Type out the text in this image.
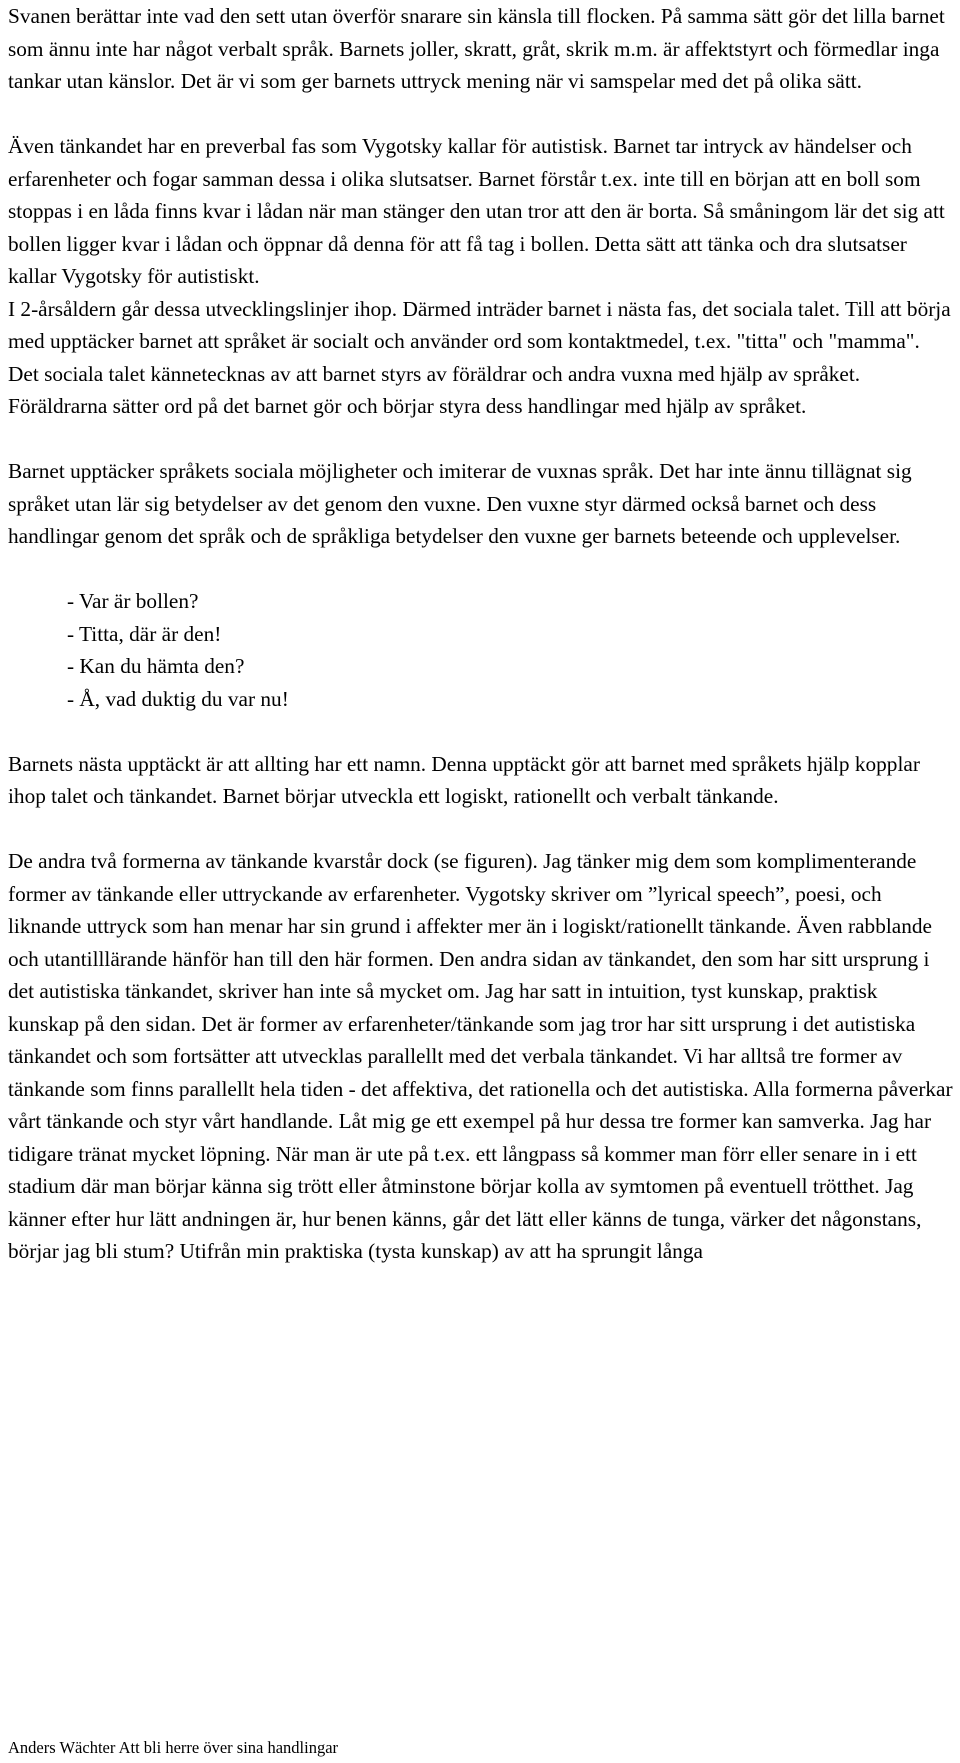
Svanen berättar inte vad den sett utan överför snarare sin känsla till flocken. På samma sätt gör det lilla barnet som ännu inte har något verbalt språk. Barnets joller, skratt, gråt, skrik m.m. är affektstyrt och förmedlar inga tankar utan känslor. Det är vi som ger barnets uttryck mening när vi samspelar med det på olika sätt.

Även tänkandet har en preverbal fas som Vygotsky kallar för autistisk. Barnet tar intryck av händelser och erfarenheter och fogar samman dessa i olika slutsatser. Barnet förstår t.ex. inte till en början att en boll som stoppas i en låda finns kvar i lådan när man stänger den utan tror att den är borta. Så småningom lär det sig att bollen ligger kvar i lådan och öppnar då denna för att få tag i bollen. Detta sätt att tänka och dra slutsatser kallar Vygotsky för autistiskt.

I 2-årsåldern går dessa utvecklingslinjer ihop. Därmed inträder barnet i nästa fas, det sociala talet. Till att börja med upptäcker barnet att språket är socialt och använder ord som kontaktmedel, t.ex. "titta" och "mamma". Det sociala talet kännetecknas av att barnet styrs av föräldrar och andra vuxna med hjälp av språket. Föräldrarna sätter ord på det barnet gör och börjar styra dess handlingar med hjälp av språket.

Barnet upptäcker språkets sociala möjligheter och imiterar de vuxnas språk. Det har inte ännu tillägnat sig språket utan lär sig betydelser av det genom den vuxne. Den vuxne styr därmed också barnet och dess handlingar genom det språk och de språkliga betydelser den vuxne ger barnets beteende och upplevelser.

- Var är bollen?
- Titta, där är den!
- Kan du hämta den?
- Å, vad duktig du var nu!

Barnets nästa upptäckt är att allting har ett namn. Denna upptäckt gör att barnet med språkets hjälp kopplar ihop talet och tänkandet. Barnet börjar utveckla ett logiskt, rationellt och verbalt tänkande.

De andra två formerna av tänkande kvarstår dock (se figuren). Jag tänker mig dem som komplimenterande former av tänkande eller uttryckande av erfarenheter. Vygotsky skriver om ”lyrical speech”, poesi, och liknande uttryck som han menar har sin grund i affekter mer än i logiskt/rationellt tänkande. Även rabblande och utantilllärande hänför han till den här formen. Den andra sidan av tänkandet, den som har sitt ursprung i det autistiska tänkandet, skriver han inte så mycket om. Jag har satt in intuition, tyst kunskap, praktisk kunskap på den sidan. Det är former av erfarenheter/tänkande som jag tror har sitt ursprung i det autistiska tänkandet och som fortsätter att utvecklas parallellt med det verbala tänkandet. Vi har alltså tre former av tänkande som finns parallellt hela tiden - det affektiva, det rationella och det autistiska. Alla formerna påverkar vårt tänkande och styr vårt handlande. Låt mig ge ett exempel på hur dessa tre former kan samverka. Jag har tidigare tränat mycket löpning. När man är ute på t.ex. ett långpass så kommer man förr eller senare in i ett stadium där man börjar känna sig trött eller åtminstone börjar kolla av symtomen på eventuell trötthet. Jag känner efter hur lätt andningen är, hur benen känns, går det lätt eller känns de tunga, värker det någonstans, börjar jag bli stum? Utifrån min praktiska (tysta kunskap) av att ha sprungit långa

Anders Wächter Att bli herre över sina handlingar
